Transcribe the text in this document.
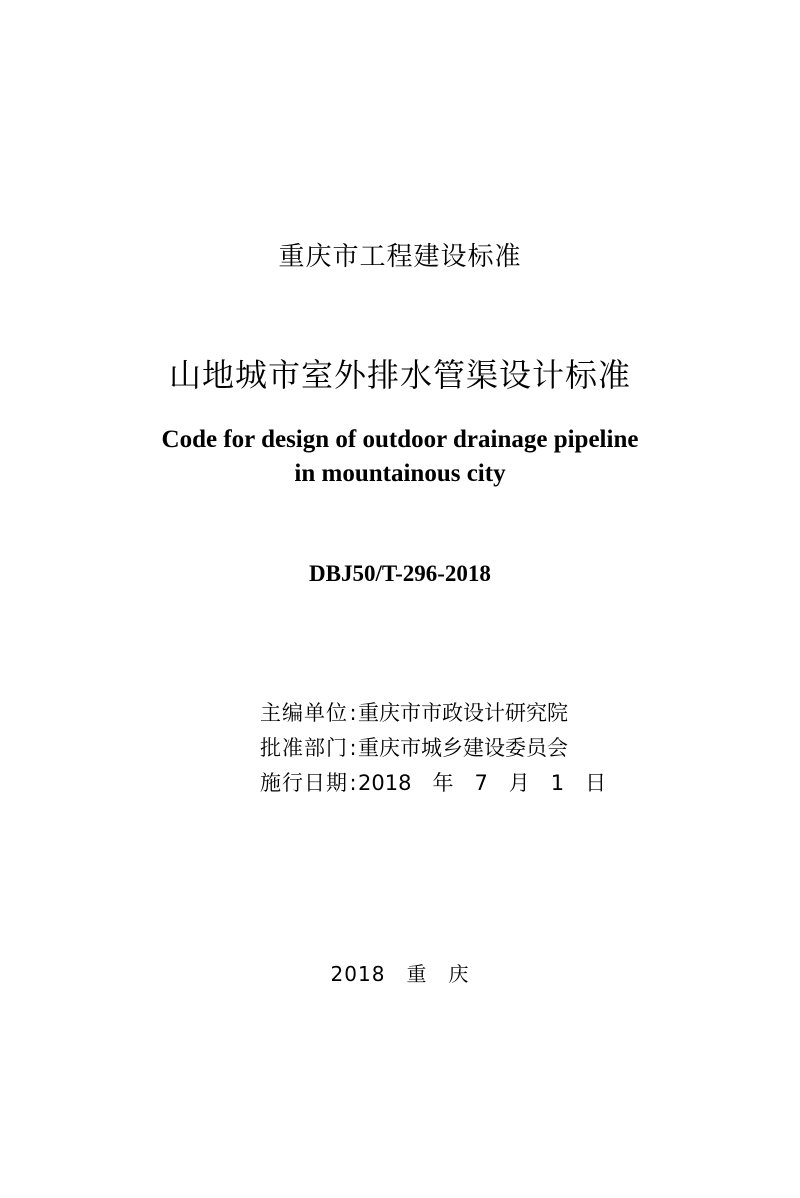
重庆市工程建设标准
山地城市室外排水管渠设计标准
Code for design of outdoor drainage pipeline
in mountainous city
DBJ50/T-296-2018
主编单位:重庆市市政设计研究院
批准部门:重庆市城乡建设委员会
施行日期:2018　年　7　月　1　日
2018　重　庆
